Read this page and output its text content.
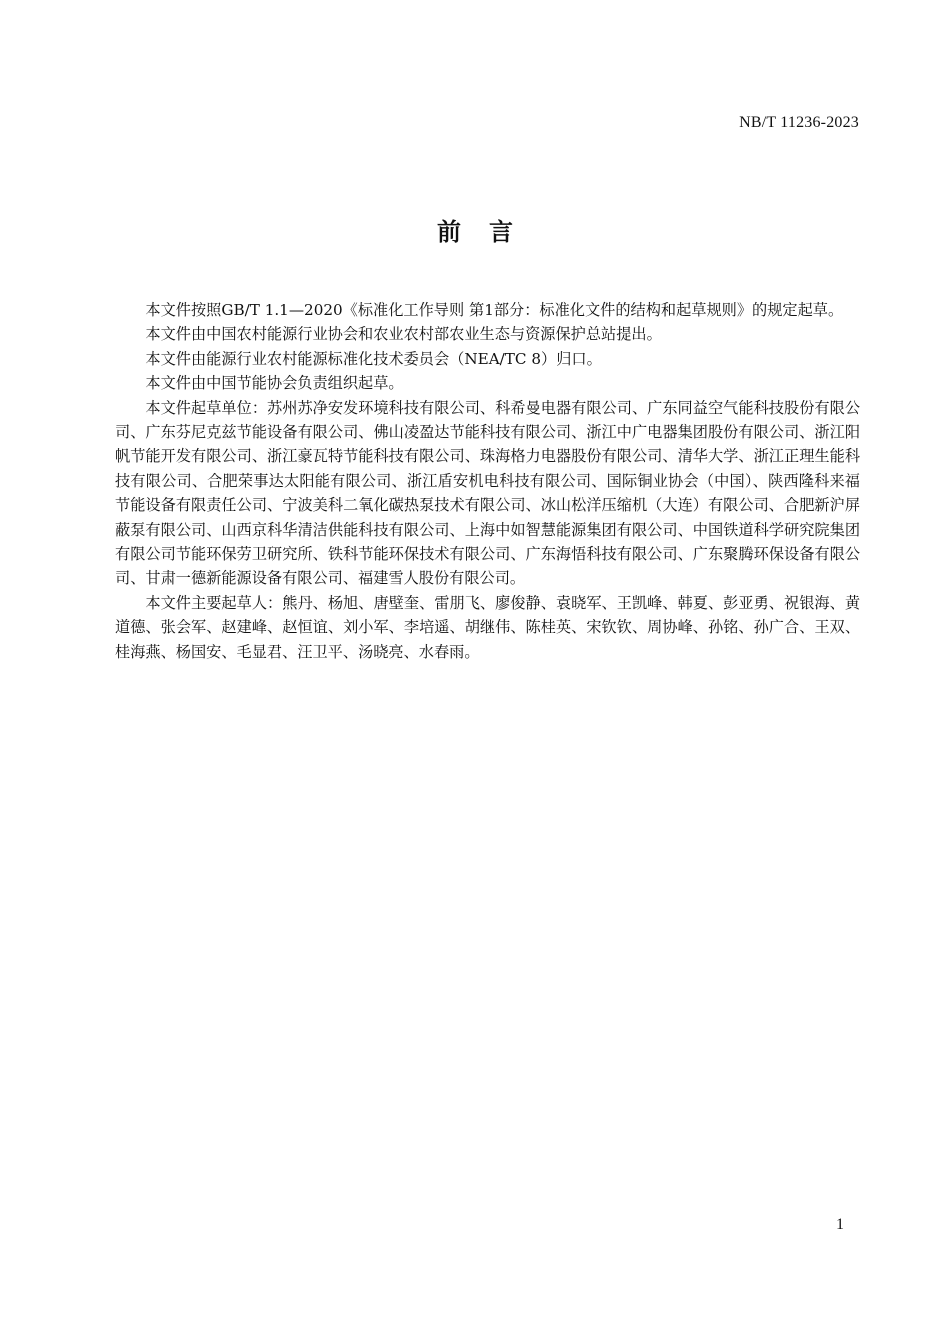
NB/T 11236-2023
前言

本文件按照GB/T 1.1—2020《标准化工作导则 第1部分：标准化文件的结构和起草规则》的规定起草。

本文件由中国农村能源行业协会和农业农村部农业生态与资源保护总站提出。

本文件由能源行业农村能源标准化技术委员会（NEA/TC 8）归口。

本文件由中国节能协会负责组织起草。

本文件起草单位：苏州苏净安发环境科技有限公司、科希曼电器有限公司、广东同益空气能科技股份有限公司、广东芬尼克兹节能设备有限公司、佛山凌盈达节能科技有限公司、浙江中广电器集团股份有限公司、浙江阳帆节能开发有限公司、浙江豪瓦特节能科技有限公司、珠海格力电器股份有限公司、清华大学、浙江正理生能科技有限公司、合肥荣事达太阳能有限公司、浙江盾安机电科技有限公司、国际铜业协会（中国）、陕西隆科来福节能设备有限责任公司、宁波美科二氧化碳热泵技术有限公司、冰山松洋压缩机（大连）有限公司、合肥新沪屏蔽泵有限公司、山西京科华清洁供能科技有限公司、上海中如智慧能源集团有限公司、中国铁道科学研究院集团有限公司节能环保劳卫研究所、铁科节能环保技术有限公司、广东海悟科技有限公司、广东聚腾环保设备有限公司、甘肃一德新能源设备有限公司、福建雪人股份有限公司。

本文件主要起草人：熊丹、杨旭、唐壁奎、雷朋飞、廖俊静、袁晓军、王凯峰、韩夏、彭亚勇、祝银海、黄道德、张会军、赵建峰、赵恒谊、刘小军、李培遥、胡继伟、陈桂英、宋钦钦、周协峰、孙铭、孙广合、王双、桂海燕、杨国安、毛显君、汪卫平、汤晓亮、水春雨。

1
